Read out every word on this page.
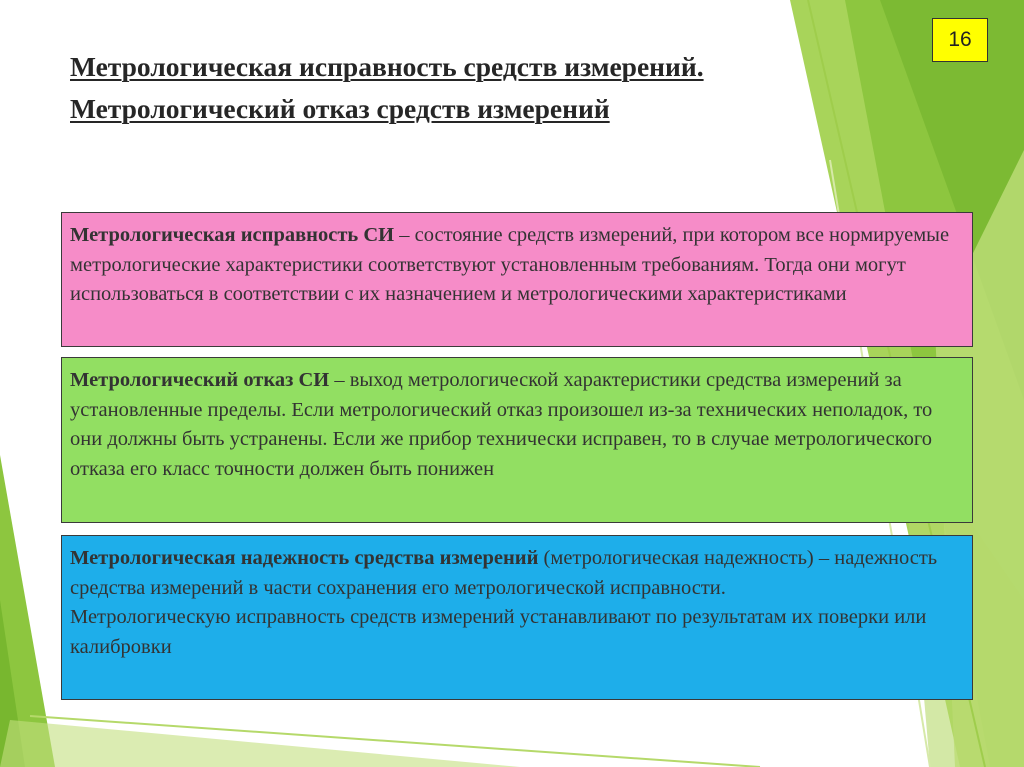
16
Метрологическая исправность средств измерений. Метрологический отказ средств измерений

Метрологическая исправность СИ – состояние средств измерений, при котором все нормируемые метрологические характеристики соответствуют установленным требованиям. Тогда они могут использоваться в соответствии с их назначением и метрологическими характеристиками

Метрологический отказ СИ – выход метрологической характеристики средства измерений за установленные пределы. Если метрологический отказ произошел из-за технических неполадок, то они должны быть устранены. Если же прибор технически исправен, то в случае метрологического отказа его класс точности должен быть понижен

Метрологическая надежность средства измерений (метрологическая надежность) – надежность средства измерений в части сохранения его метрологической исправности.

Метрологическую исправность средств измерений устанавливают по результатам их поверки или калибровки
